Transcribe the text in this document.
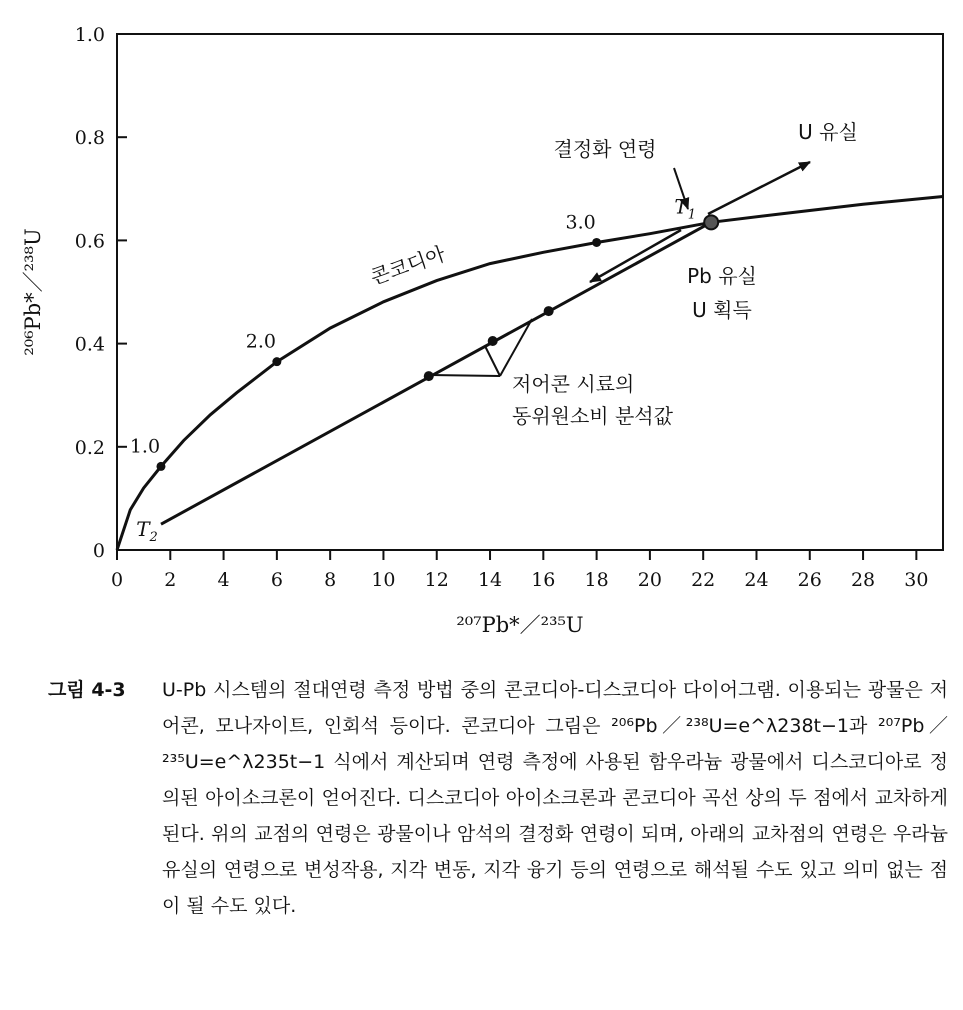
0
0.2
0.4
0.6
0.8
1.0
0 2 4 6 8 10 12 14 16 18 20 22 24 26 28 30
1.0
2.0
3.0
$T_1$
$T_2$
²⁰⁷Pb*／²³⁵U
²⁰⁶Pb*／²³⁸U	콘코디아
결정화 연령
U 유실
Pb 유실
U 획득
저어콘 시료의
동위원소비 분석값
그림 4-3 U-Pb 시스템의 절대연령 측정 방법 중의 콘코디아-디스코디아 다이어그램. 이용되는 광물은 저어콘, 모나자이트, 인회석 등이다. 콘코디아 그림은 ²⁰⁶Pb／²³⁸U=e^λ238t−1과 ²⁰⁷Pb／²³⁵U=e^λ235t−1 식에서 계산되며 연령 측정에 사용된 함우라늄 광물에서 디스코디아로 정의된 아이소크론이 얻어진다. 디스코디아 아이소크론과 콘코디아 곡선 상의 두 점에서 교차하게 된다. 위의 교점의 연령은 광물이나 암석의 결정화 연령이 되며, 아래의 교차점의 연령은 우라늄 유실의 연령으로 변성작용, 지각 변동, 지각 융기 등의 연령으로 해석될 수도 있고 의미 없는 점이 될 수도 있다.
